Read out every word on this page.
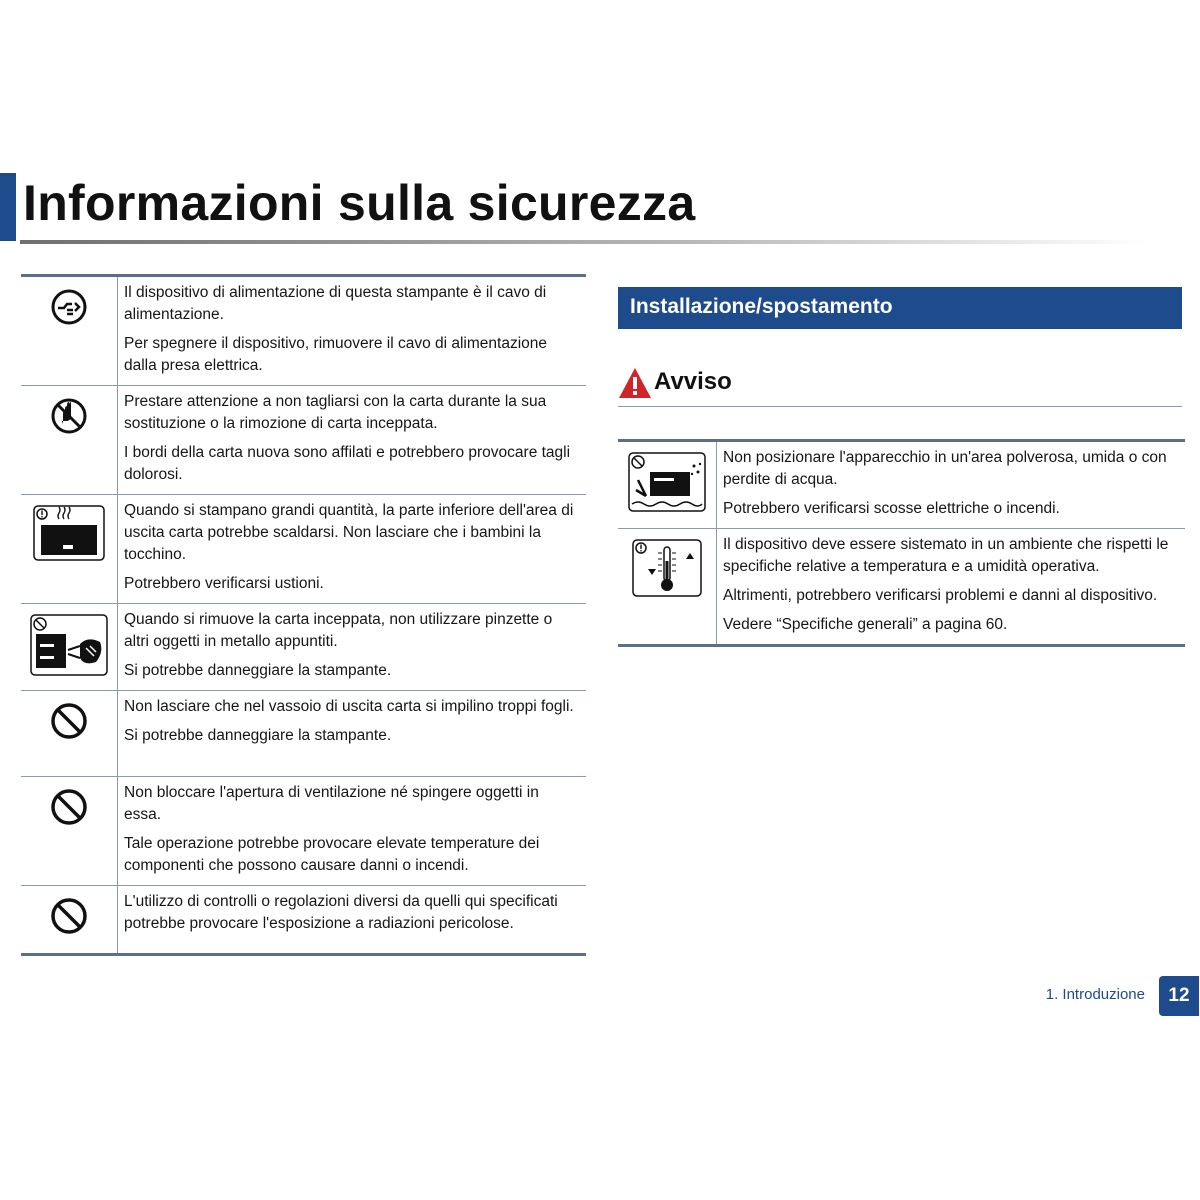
Informazioni sulla sicurezza

Il dispositivo di alimentazione di questa stampante è il cavo di alimentazione.

Per spegnere il dispositivo, rimuovere il cavo di alimentazione dalla presa elettrica.

Prestare attenzione a non tagliarsi con la carta durante la sua sostituzione o la rimozione di carta inceppata.

I bordi della carta nuova sono affilati e potrebbero provocare tagli dolorosi.

Quando si stampano grandi quantità, la parte inferiore dell'area di uscita carta potrebbe scaldarsi. Non lasciare che i bambini la tocchino.

Potrebbero verificarsi ustioni.

Quando si rimuove la carta inceppata, non utilizzare pinzette o altri oggetti in metallo appuntiti.

Si potrebbe danneggiare la stampante.

Non lasciare che nel vassoio di uscita carta si impilino troppi fogli.

Si potrebbe danneggiare la stampante.

Non bloccare l'apertura di ventilazione né spingere oggetti in essa.

Tale operazione potrebbe provocare elevate temperature dei componenti che possono causare danni o incendi.

L'utilizzo di controlli o regolazioni diversi da quelli qui specificati potrebbe provocare l'esposizione a radiazioni pericolose.

Installazione/spostamento
Avviso

Non posizionare l'apparecchio in un'area polverosa, umida o con perdite di acqua.

Potrebbero verificarsi scosse elettriche o incendi.

Il dispositivo deve essere sistemato in un ambiente che rispetti le specifiche relative a temperatura e a umidità operativa.

Altrimenti, potrebbero verificarsi problemi e danni al dispositivo.

Vedere “Specifiche generali” a pagina 60.

1. Introduzione	12
